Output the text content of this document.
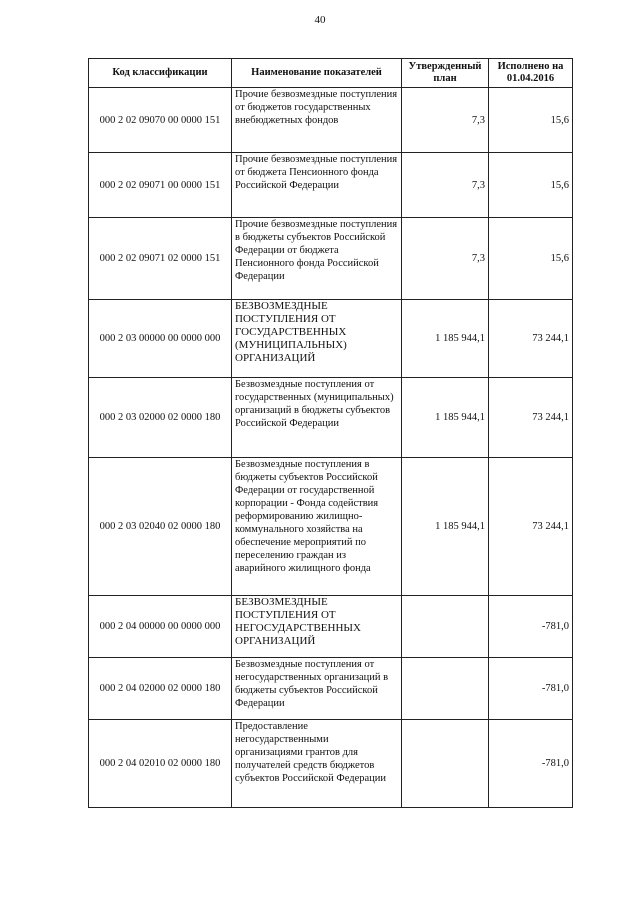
40
Код классификации	Наименование показателей	Утвержденный план	Исполнено на 01.04.2016
000 2 02 09070 00 0000 151	Прочие безвозмездные поступления от бюджетов государственных внебюджетных фондов	7,3	15,6
000 2 02 09071 00 0000 151	Прочие безвозмездные поступления от бюджета Пенсионного фонда Российской Федерации	7,3	15,6
000 2 02 09071 02 0000 151	Прочие безвозмездные поступления в бюджеты субъектов Российской Федерации от бюджета Пенсионного фонда Российской Федерации	7,3	15,6
000 2 03 00000 00 0000 000	БЕЗВОЗМЕЗДНЫЕ ПОСТУПЛЕНИЯ ОТ ГОСУДАРСТВЕННЫХ (МУНИЦИПАЛЬНЫХ) ОРГАНИЗАЦИЙ	1 185 944,1	73 244,1
000 2 03 02000 02 0000 180	Безвозмездные поступления от государственных (муниципальных) организаций в бюджеты субъектов Российской Федерации	1 185 944,1	73 244,1
000 2 03 02040 02 0000 180	Безвозмездные поступления в бюджеты субъектов Российской Федерации от государственной корпорации - Фонда содействия реформированию жилищно-коммунального хозяйства на обеспечение мероприятий по переселению граждан из аварийного жилищного фонда	1 185 944,1	73 244,1
000 2 04 00000 00 0000 000	БЕЗВОЗМЕЗДНЫЕ ПОСТУПЛЕНИЯ ОТ НЕГОСУДАРСТВЕННЫХ ОРГАНИЗАЦИЙ		-781,0
000 2 04 02000 02 0000 180	Безвозмездные поступления от негосударственных организаций в бюджеты субъектов Российской Федерации		-781,0
000 2 04 02010 02 0000 180	Предоставление негосударственными организациями грантов для получателей средств бюджетов субъектов Российской Федерации		-781,0
